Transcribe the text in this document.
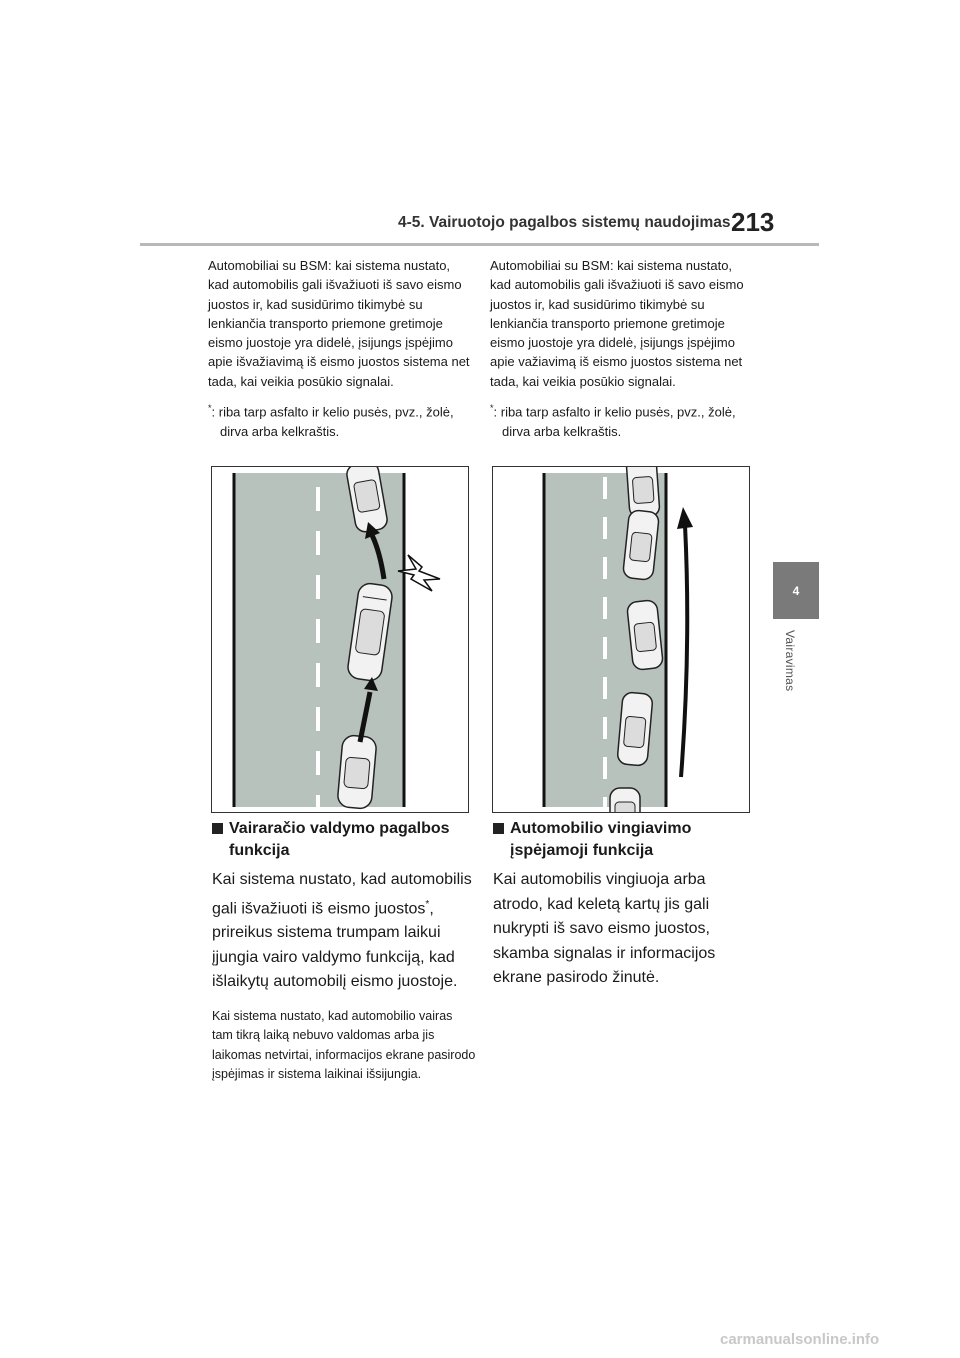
4-5. Vairuotojo pagalbos sistemų naudojimas 213
4
Vairavimas

Automobiliai su BSM: kai sistema nustato, kad automobilis gali išvažiuoti iš savo eismo juostos ir, kad susidūrimo tikimybė su lenkiančia transporto priemone gretimoje eismo juostoje yra didelė, įsijungs įspėjimo apie išvažiavimą iš eismo juostos sistema net tada, kai veikia posūkio signalai.

*: riba tarp asfalto ir kelio pusės, pvz., žolė, dirva arba kelkraštis.

Vairaračio valdymo pagalbos funkcija

Kai sistema nustato, kad automobilis gali išvažiuoti iš eismo juostos*, prireikus sistema trumpam laikui įjungia vairo valdymo funkciją, kad išlaikytų automobilį eismo juostoje.

Kai sistema nustato, kad automobilio vairas tam tikrą laiką nebuvo valdomas arba jis laikomas netvirtai, informacijos ekrane pasirodo įspėjimas ir sistema laikinai išsijungia.

Automobiliai su BSM: kai sistema nustato, kad automobilis gali išvažiuoti iš savo eismo juostos ir, kad susidūrimo tikimybė su lenkiančia transporto priemone gretimoje eismo juostoje yra didelė, įsijungs įspėjimo apie važiavimą iš eismo juostos sistema net tada, kai veikia posūkio signalai.

*: riba tarp asfalto ir kelio pusės, pvz., žolė, dirva arba kelkraštis.

Automobilio vingiavimo įspėjamoji funkcija

Kai automobilis vingiuoja arba atrodo, kad keletą kartų jis gali nukrypti iš savo eismo juostos, skamba signalas ir informacijos ekrane pasirodo žinutė.

carmanualsonline.info
